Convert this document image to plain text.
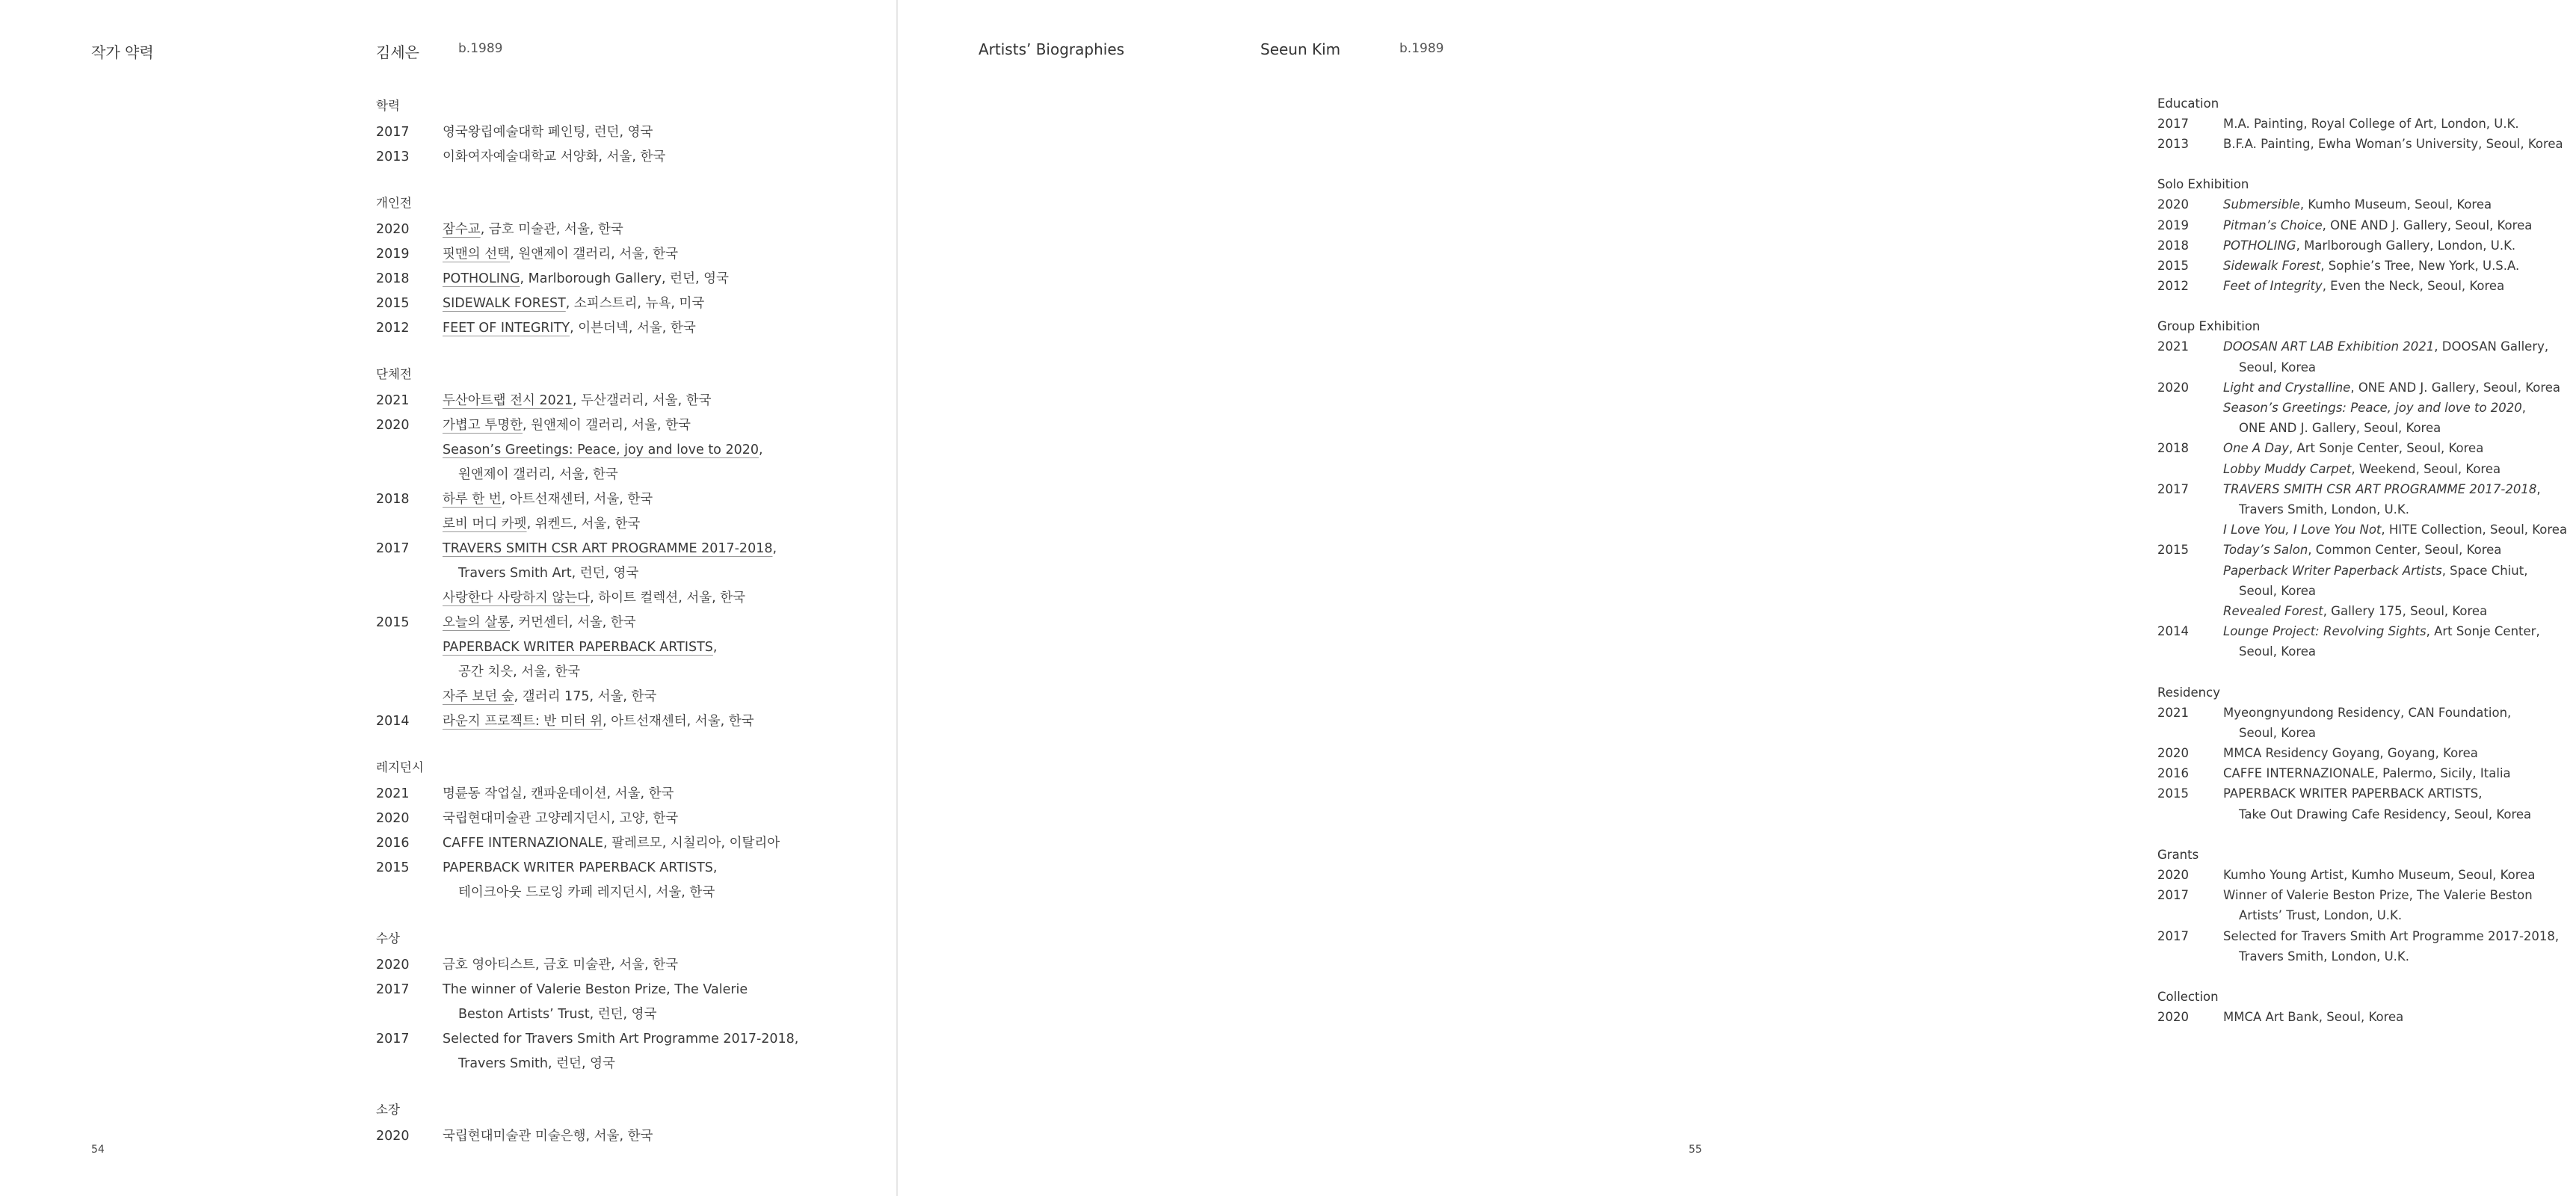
작가 약력	김세은	b.1989
학력
2017	영국왕립예술대학 페인팅, 런던, 영국
2013	이화여자예술대학교 서양화, 서울, 한국
개인전
2020	잠수교, 금호 미술관, 서울, 한국
2019	핏맨의 선택, 원앤제이 갤러리, 서울, 한국
2018	POTHOLING, Marlborough Gallery, 런던, 영국
2015	SIDEWALK FOREST, 소피스트리, 뉴욕, 미국
2012	FEET OF INTEGRITY, 이븐더넥, 서울, 한국
단체전
2021	두산아트랩 전시 2021, 두산갤러리, 서울, 한국
2020	가볍고 투명한, 원앤제이 갤러리, 서울, 한국
Season’s Greetings: Peace, joy and love to 2020,
원앤제이 갤러리, 서울, 한국
2018	하루 한 번, 아트선재센터, 서울, 한국
로비 머디 카펫, 위켄드, 서울, 한국
2017	TRAVERS SMITH CSR ART PROGRAMME 2017-2018,
Travers Smith Art, 런던, 영국
사랑한다 사랑하지 않는다, 하이트 컬렉션, 서울, 한국
2015	오늘의 살롱, 커먼센터, 서울, 한국
PAPERBACK WRITER PAPERBACK ARTISTS,
공간 치읏, 서울, 한국
자주 보던 숲, 갤러리 175, 서울, 한국
2014	라운지 프로젝트: 반 미터 위, 아트선재센터, 서울, 한국
레지던시
2021	명륜동 작업실, 캔파운데이션, 서울, 한국
2020	국립현대미술관 고양레지던시, 고양, 한국
2016	CAFFE INTERNAZIONALE, 팔레르모, 시칠리아, 이탈리아
2015	PAPERBACK WRITER PAPERBACK ARTISTS,
테이크아웃 드로잉 카페 레지던시, 서울, 한국
수상
2020	금호 영아티스트, 금호 미술관, 서울, 한국
2017	The winner of Valerie Beston Prize, The Valerie
Beston Artists’ Trust, 런던, 영국
2017	Selected for Travers Smith Art Programme 2017-2018,
Travers Smith, 런던, 영국
소장
2020	국립현대미술관 미술은행, 서울, 한국
54
Artists’ Biographies	Seeun Kim	b.1989
Education
2017	M.A. Painting, Royal College of Art, London, U.K.
2013	B.F.A. Painting, Ewha Woman’s University, Seoul, Korea
Solo Exhibition
2020	Submersible, Kumho Museum, Seoul, Korea
2019	Pitman’s Choice, ONE AND J. Gallery, Seoul, Korea
2018	POTHOLING, Marlborough Gallery, London, U.K.
2015	Sidewalk Forest, Sophie’s Tree, New York, U.S.A.
2012	Feet of Integrity, Even the Neck, Seoul, Korea
Group Exhibition
2021	DOOSAN ART LAB Exhibition 2021, DOOSAN Gallery,
Seoul, Korea
2020	Light and Crystalline, ONE AND J. Gallery, Seoul, Korea
Season’s Greetings: Peace, joy and love to 2020,
ONE AND J. Gallery, Seoul, Korea
2018	One A Day, Art Sonje Center, Seoul, Korea
Lobby Muddy Carpet, Weekend, Seoul, Korea
2017	TRAVERS SMITH CSR ART PROGRAMME 2017-2018,
Travers Smith, London, U.K.
I Love You, I Love You Not, HITE Collection, Seoul, Korea
2015	Today’s Salon, Common Center, Seoul, Korea
Paperback Writer Paperback Artists, Space Chiut,
Seoul, Korea
Revealed Forest, Gallery 175, Seoul, Korea
2014	Lounge Project: Revolving Sights, Art Sonje Center,
Seoul, Korea
Residency
2021	Myeongnyundong Residency, CAN Foundation,
Seoul, Korea
2020	MMCA Residency Goyang, Goyang, Korea
2016	CAFFE INTERNAZIONALE, Palermo, Sicily, Italia
2015	PAPERBACK WRITER PAPERBACK ARTISTS,
Take Out Drawing Cafe Residency, Seoul, Korea
Grants
2020	Kumho Young Artist, Kumho Museum, Seoul, Korea
2017	Winner of Valerie Beston Prize, The Valerie Beston
Artists’ Trust, London, U.K.
2017	Selected for Travers Smith Art Programme 2017-2018,
Travers Smith, London, U.K.
Collection
2020	MMCA Art Bank, Seoul, Korea
55
